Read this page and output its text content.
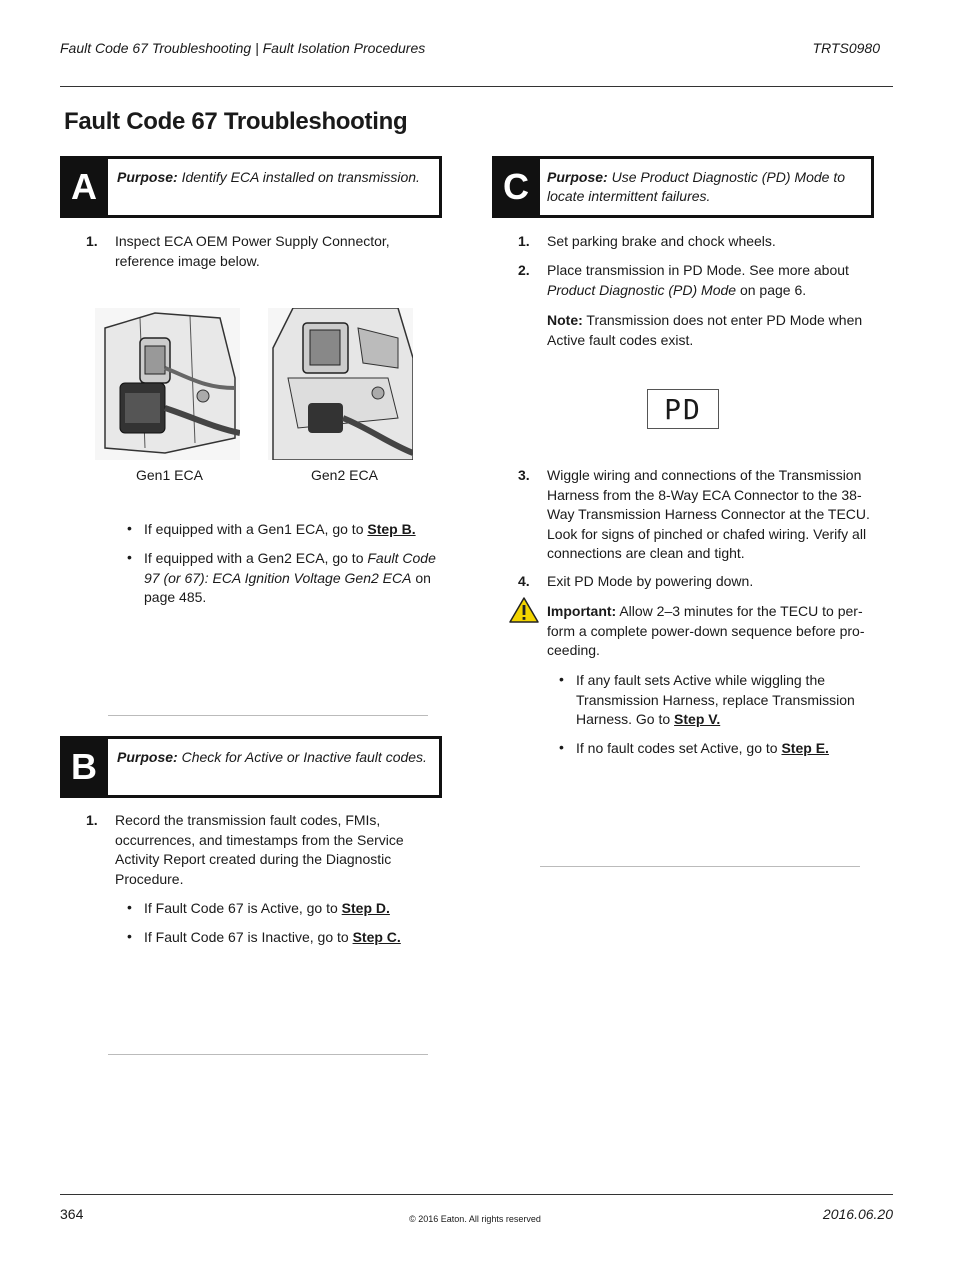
Fault Code 67 Troubleshooting | Fault Isolation Procedures	TRTS0980
Fault Code 67 Troubleshooting
A	Purpose: Identify ECA installed on transmission.
1. Inspect ECA OEM Power Supply Connector, reference image below.
Gen1 ECA	Gen2 ECA
• If equipped with a Gen1 ECA, go to Step B.
• If equipped with a Gen2 ECA, go to Fault Code 97 (or 67): ECA Ignition Voltage Gen2 ECA on page 485.
B	Purpose: Check for Active or Inactive fault codes.
1. Record the transmission fault codes, FMIs, occurrences, and timestamps from the Service Activity Report created during the Diagnostic Procedure.
• If Fault Code 67 is Active, go to Step D.
• If Fault Code 67 is Inactive, go to Step C.
C	Purpose: Use Product Diagnostic (PD) Mode to locate intermittent failures.
1. Set parking brake and chock wheels.
2. Place transmission in PD Mode. See more about Product Diagnostic (PD) Mode on page 6.
Note: Transmission does not enter PD Mode when Active fault codes exist.
PD
3. Wiggle wiring and connections of the Transmission Harness from the 8-Way ECA Connector to the 38-Way Transmission Harness Connector at the TECU. Look for signs of pinched or chafed wiring. Verify all connections are clean and tight.
4. Exit PD Mode by powering down.
Important: Allow 2–3 minutes for the TECU to per-form a complete power-down sequence before pro-ceeding.
• If any fault sets Active while wiggling the Transmission Harness, replace Transmission Harness. Go to Step V.
• If no fault codes set Active, go to Step E.
364	© 2016 Eaton. All rights reserved	2016.06.20
